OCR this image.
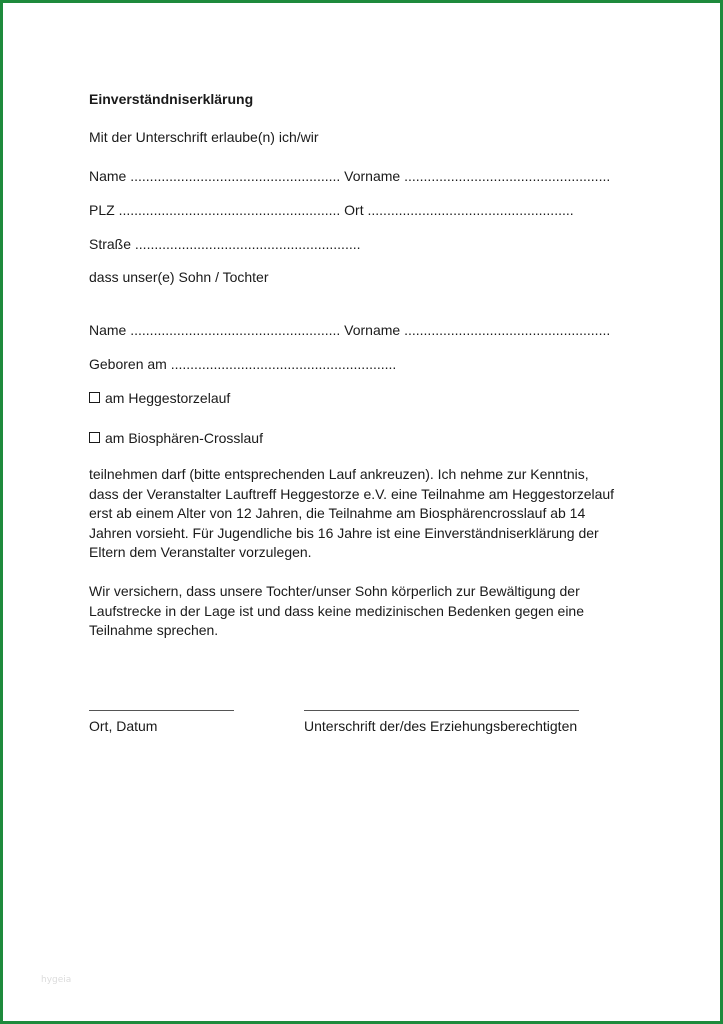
Einverständniserklärung
Mit der Unterschrift erlaube(n) ich/wir
Name ...................................................... Vorname .....................................................
PLZ ......................................................... Ort .....................................................
Straße ..........................................................
dass unser(e) Sohn / Tochter
Name ...................................................... Vorname .....................................................
Geboren am ..........................................................
am Heggestorzelauf
am Biosphären-Crosslauf
teilnehmen darf (bitte entsprechenden Lauf ankreuzen). Ich nehme zur Kenntnis,
dass der Veranstalter Lauftreff Heggestorze e.V. eine Teilnahme am Heggestorzelauf
erst ab einem Alter von 12 Jahren, die Teilnahme am Biosphärencrosslauf ab 14
Jahren vorsieht. Für Jugendliche bis 16 Jahre ist eine Einverständniserklärung der
Eltern dem Veranstalter vorzulegen.
Wir versichern, dass unsere Tochter/unser Sohn körperlich zur Bewältigung der
Laufstrecke in der Lage ist und dass keine medizinischen Bedenken gegen eine
Teilnahme sprechen.
Ort, Datum	Unterschrift der/des Erziehungsberechtigten
hygeia
